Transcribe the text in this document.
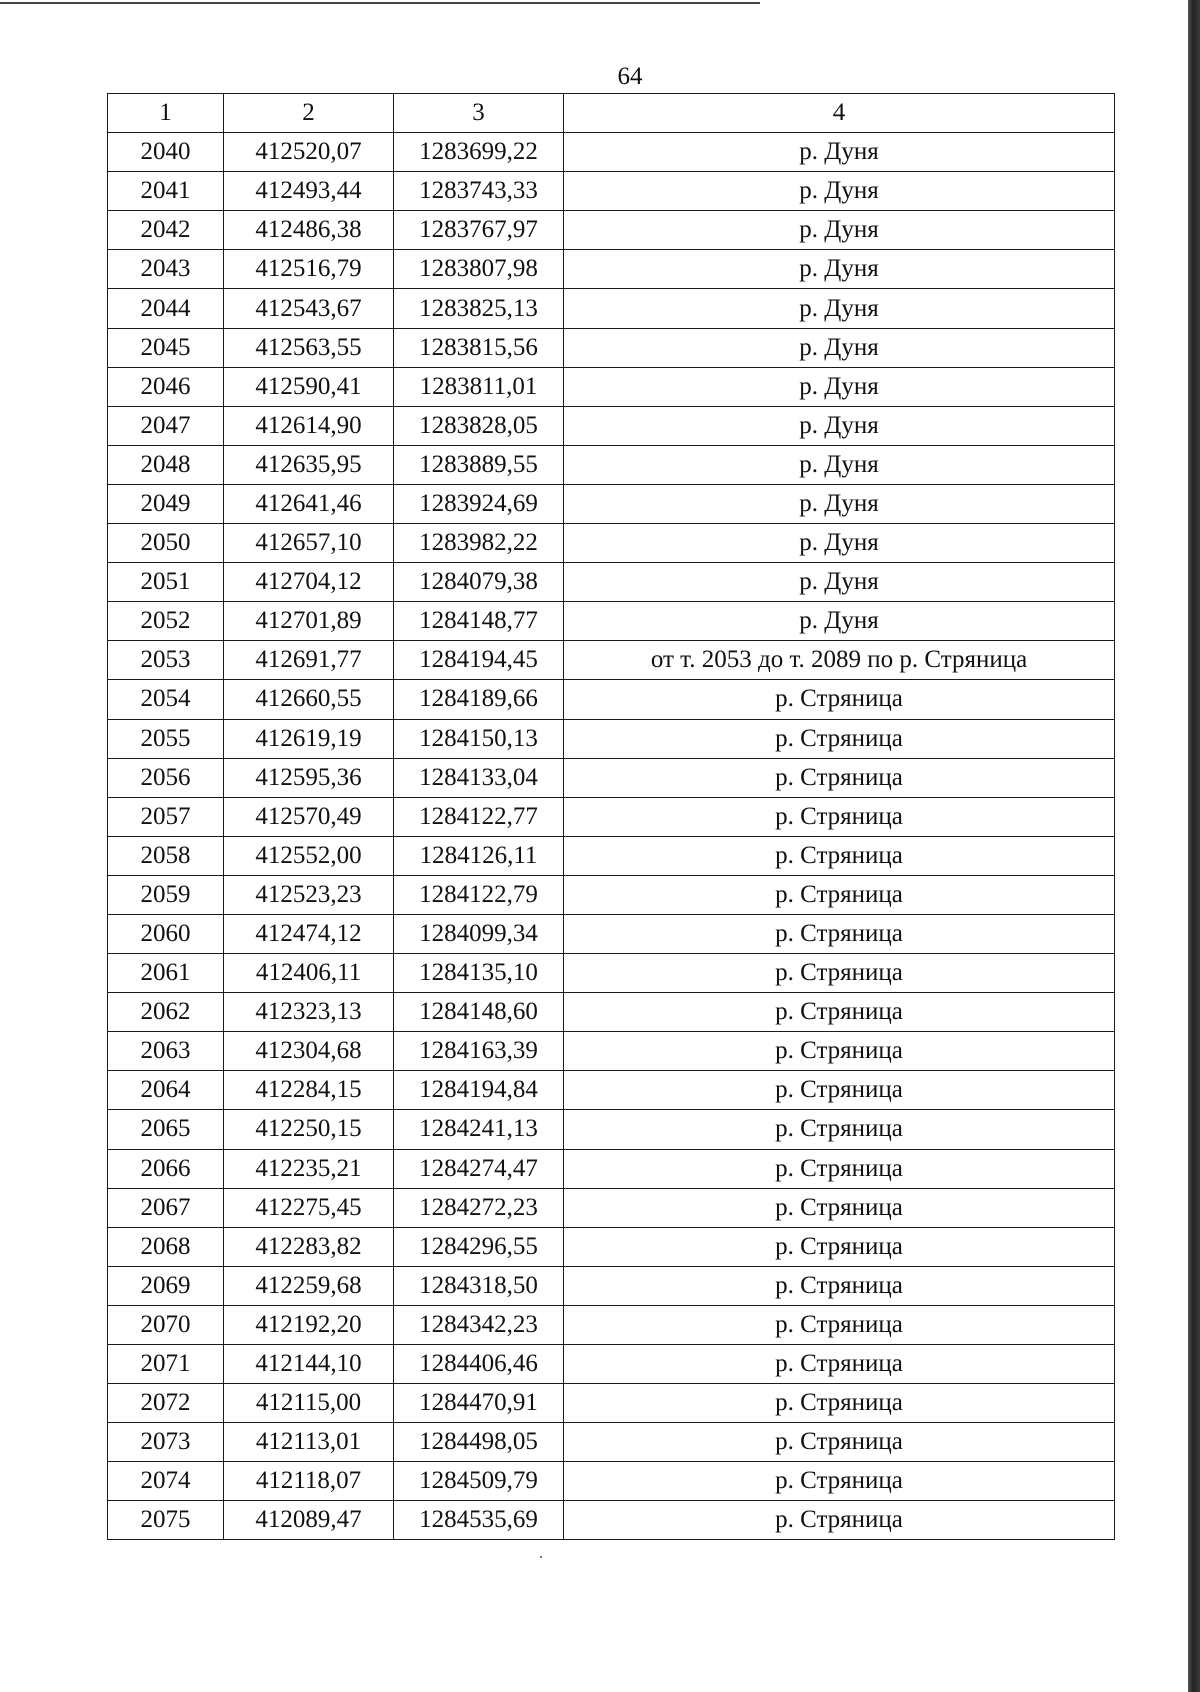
64
1	2	3	4
2040	412520,07	1283699,22	р. Дуня
2041	412493,44	1283743,33	р. Дуня
2042	412486,38	1283767,97	р. Дуня
2043	412516,79	1283807,98	р. Дуня
2044	412543,67	1283825,13	р. Дуня
2045	412563,55	1283815,56	р. Дуня
2046	412590,41	1283811,01	р. Дуня
2047	412614,90	1283828,05	р. Дуня
2048	412635,95	1283889,55	р. Дуня
2049	412641,46	1283924,69	р. Дуня
2050	412657,10	1283982,22	р. Дуня
2051	412704,12	1284079,38	р. Дуня
2052	412701,89	1284148,77	р. Дуня
2053	412691,77	1284194,45	от т. 2053 до т. 2089 по р. Стряница
2054	412660,55	1284189,66	р. Стряница
2055	412619,19	1284150,13	р. Стряница
2056	412595,36	1284133,04	р. Стряница
2057	412570,49	1284122,77	р. Стряница
2058	412552,00	1284126,11	р. Стряница
2059	412523,23	1284122,79	р. Стряница
2060	412474,12	1284099,34	р. Стряница
2061	412406,11	1284135,10	р. Стряница
2062	412323,13	1284148,60	р. Стряница
2063	412304,68	1284163,39	р. Стряница
2064	412284,15	1284194,84	р. Стряница
2065	412250,15	1284241,13	р. Стряница
2066	412235,21	1284274,47	р. Стряница
2067	412275,45	1284272,23	р. Стряница
2068	412283,82	1284296,55	р. Стряница
2069	412259,68	1284318,50	р. Стряница
2070	412192,20	1284342,23	р. Стряница
2071	412144,10	1284406,46	р. Стряница
2072	412115,00	1284470,91	р. Стряница
2073	412113,01	1284498,05	р. Стряница
2074	412118,07	1284509,79	р. Стряница
2075	412089,47	1284535,69	р. Стряница
